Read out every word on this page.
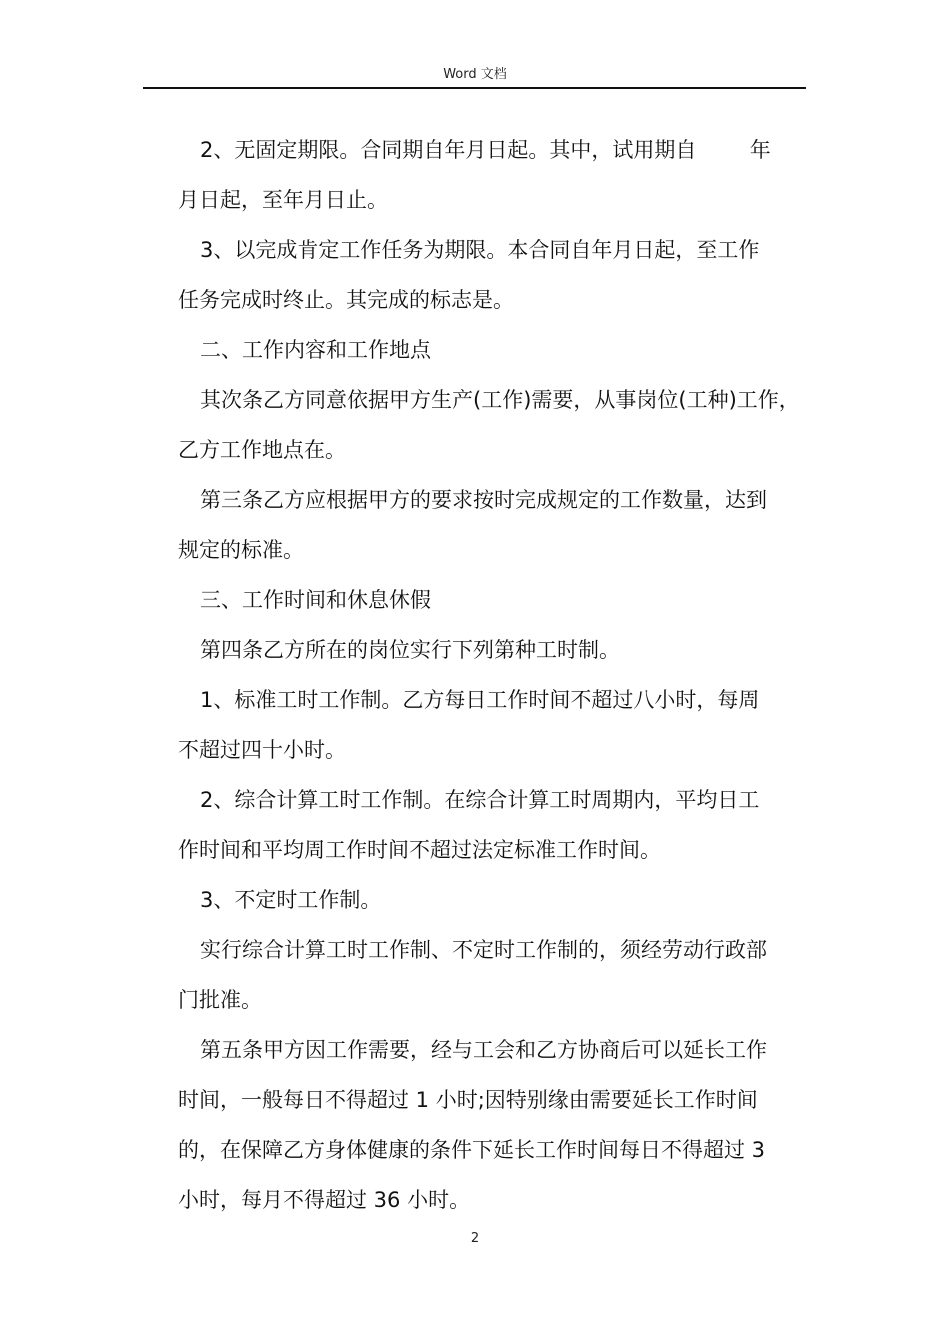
Word 文档
2、无固定期限。合同期自年月日起。其中，试用期自        年
月日起，至年月日止。
3、以完成肯定工作任务为期限。本合同自年月日起，至工作
任务完成时终止。其完成的标志是。
二、工作内容和工作地点
其次条乙方同意依据甲方生产(工作)需要，从事岗位(工种)工作，
乙方工作地点在。
第三条乙方应根据甲方的要求按时完成规定的工作数量，达到
规定的标准。
三、工作时间和休息休假
第四条乙方所在的岗位实行下列第种工时制。
1、标准工时工作制。乙方每日工作时间不超过八小时，每周
不超过四十小时。
2、综合计算工时工作制。在综合计算工时周期内，平均日工
作时间和平均周工作时间不超过法定标准工作时间。
3、不定时工作制。
实行综合计算工时工作制、不定时工作制的，须经劳动行政部
门批准。
第五条甲方因工作需要，经与工会和乙方协商后可以延长工作
时间，一般每日不得超过 1 小时;因特别缘由需要延长工作时间
的，在保障乙方身体健康的条件下延长工作时间每日不得超过 3
小时，每月不得超过 36 小时。
2
